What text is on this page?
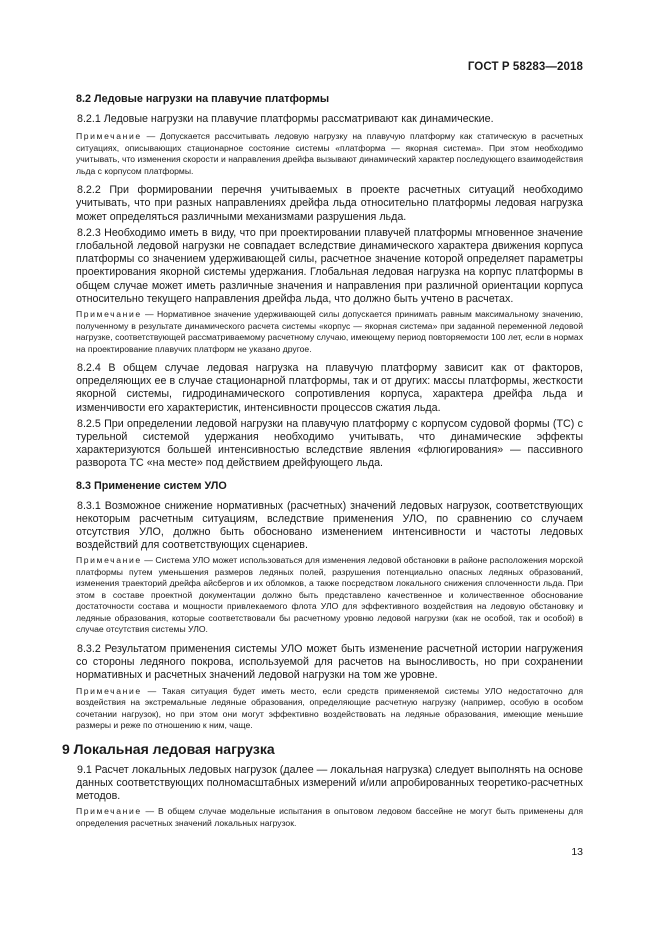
ГОСТ Р 58283—2018
8.2 Ледовые нагрузки на плавучие платформы
8.2.1 Ледовые нагрузки на плавучие платформы рассматривают как динамические.
Примечание — Допускается рассчитывать ледовую нагрузку на плавучую платформу как статическую в расчетных ситуациях, описывающих стационарное состояние системы «платформа — якорная система». При этом необходимо учитывать, что изменения скорости и направления дрейфа вызывают динамический характер последующего взаимодействия льда с корпусом платформы.
8.2.2 При формировании перечня учитываемых в проекте расчетных ситуаций необходимо учитывать, что при разных направлениях дрейфа льда относительно платформы ледовая нагрузка может определяться различными механизмами разрушения льда.
8.2.3 Необходимо иметь в виду, что при проектировании плавучей платформы мгновенное значение глобальной ледовой нагрузки не совпадает вследствие динамического характера движения корпуса платформы со значением удерживающей силы, расчетное значение которой определяет параметры проектирования якорной системы удержания. Глобальная ледовая нагрузка на корпус платформы в общем случае может иметь различные значения и направления при различной ориентации корпуса относительно текущего направления дрейфа льда, что должно быть учтено в расчетах.
Примечание — Нормативное значение удерживающей силы допускается принимать равным максимальному значению, полученному в результате динамического расчета системы «корпус — якорная система» при заданной переменной ледовой нагрузке, соответствующей рассматриваемому расчетному случаю, имеющему период повторяемости 100 лет, если в нормах на проектирование плавучих платформ не указано другое.
8.2.4 В общем случае ледовая нагрузка на плавучую платформу зависит как от факторов, определяющих ее в случае стационарной платформы, так и от других: массы платформы, жесткости якорной системы, гидродинамического сопротивления корпуса, характера дрейфа льда и изменчивости его характеристик, интенсивности процессов сжатия льда.
8.2.5 При определении ледовой нагрузки на плавучую платформу с корпусом судовой формы (ТС) с турельной системой удержания необходимо учитывать, что динамические эффекты характеризуются большей интенсивностью вследствие явления «флюгирования» — пассивного разворота ТС «на месте» под действием дрейфующего льда.
8.3 Применение систем УЛО
8.3.1 Возможное снижение нормативных (расчетных) значений ледовых нагрузок, соответствующих некоторым расчетным ситуациям, вследствие применения УЛО, по сравнению со случаем отсутствия УЛО, должно быть обосновано изменением интенсивности и частоты ледовых воздействий для соответствующих сценариев.
Примечание — Система УЛО может использоваться для изменения ледовой обстановки в районе расположения морской платформы путем уменьшения размеров ледяных полей, разрушения потенциально опасных ледяных образований, изменения траекторий дрейфа айсбергов и их обломков, а также посредством локального снижения сплоченности льда. При этом в составе проектной документации должно быть представлено качественное и количественное обоснование достаточности состава и мощности привлекаемого флота УЛО для эффективного воздействия на ледовую обстановку и ледяные образования, которые соответствовали бы расчетному уровню ледовой нагрузки (как не особой, так и особой) в случае отсутствия системы УЛО.
8.3.2 Результатом применения системы УЛО может быть изменение расчетной истории нагружения со стороны ледяного покрова, используемой для расчетов на выносливость, но при сохранении нормативных и расчетных значений ледовой нагрузки на том же уровне.
Примечание — Такая ситуация будет иметь место, если средств применяемой системы УЛО недостаточно для воздействия на экстремальные ледяные образования, определяющие расчетную нагрузку (например, особую в особом сочетании нагрузок), но при этом они могут эффективно воздействовать на ледяные образования, имеющие меньшие размеры и реже по отношению к ним, чаще.
9 Локальная ледовая нагрузка
9.1 Расчет локальных ледовых нагрузок (далее — локальная нагрузка) следует выполнять на основе данных соответствующих полномасштабных измерений и/или апробированных теоретико-расчетных методов.
Примечание — В общем случае модельные испытания в опытовом ледовом бассейне не могут быть применены для определения расчетных значений локальных нагрузок.
13
